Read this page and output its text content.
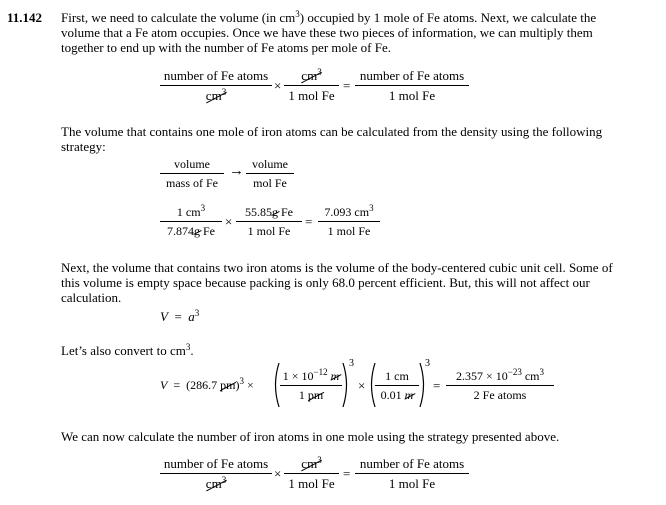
11.142 First, we need to calculate the volume (in $cm^3$) occupied by 1 mole of Fe atoms. Next, we calculate the
volume that a Fe atom occupies. Once we have these two pieces of information, we can multiply them
together to end up with the number of Fe atoms per mole of Fe.
number of Fe atoms
$cm^3$	×
$cm^3$
1 mol Fe
=
number of Fe atoms
1 mol Fe
The volume that contains one mole of iron atoms can be calculated from the density using the following
strategy:
volume
mass of Fe
→ volume
mol Fe
1 $cm^3$
7.874g Fe
×
55.85g Fe
1 mol Fe
=
7.093 $cm^3$
1 mol Fe
Next, the volume that contains two iron atoms is the volume of the body-centered cubic unit cell. Some of
this volume is empty space because packing is only 68.0 percent efficient. But, this will not affect our
calculation.
$V = a^3$
Let’s also convert to $cm^3$.
V = (286.7 pm)$^3$ ×
$1 \times 10^{-12}$ m
1 pm
3
×
1 cm
0.01 m
3
=
$2.357 \times 10^{-23}$ $cm^3$
2 Fe atoms
We can now calculate the number of iron atoms in one mole using the strategy presented above.
number of Fe atoms
$cm^3$	×
$cm^3$
1 mol Fe
=
number of Fe atoms
1 mol Fe
